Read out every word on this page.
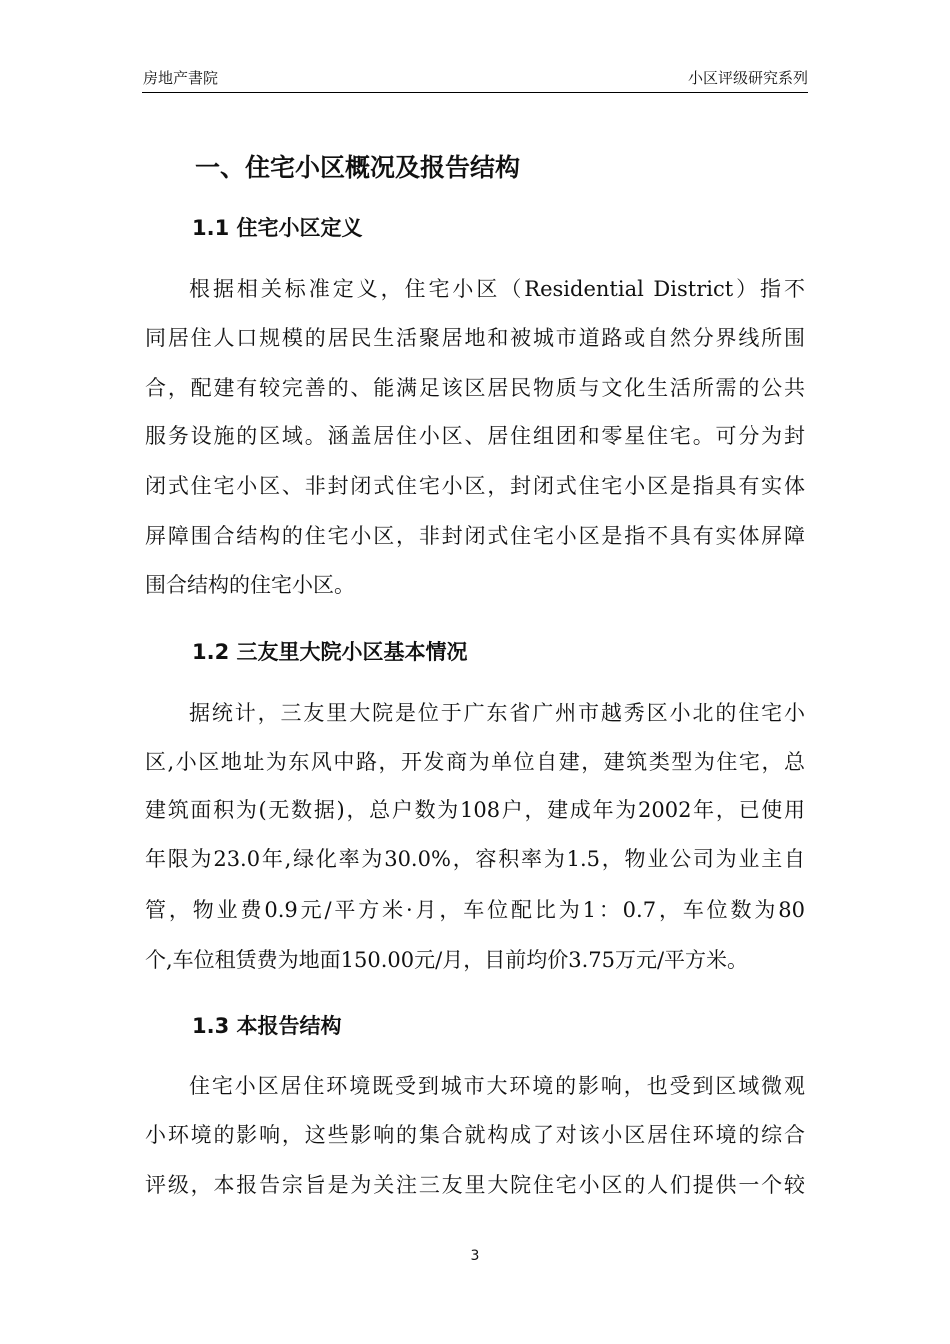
房地产書院	小区评级研究系列
一、住宅小区概况及报告结构
1.1 住宅小区定义
根据相关标准定义，住宅小区（Residential District）指不
同居住人口规模的居民生活聚居地和被城市道路或自然分界线所围
合，配建有较完善的、能满足该区居民物质与文化生活所需的公共
服务设施的区域。涵盖居住小区、居住组团和零星住宅。可分为封
闭式住宅小区、非封闭式住宅小区，封闭式住宅小区是指具有实体
屏障围合结构的住宅小区，非封闭式住宅小区是指不具有实体屏障
围合结构的住宅小区。
1.2 三友里大院小区基本情况
据统计，三友里大院是位于广东省广州市越秀区小北的住宅小
区,小区地址为东风中路，开发商为单位自建，建筑类型为住宅，总
建筑面积为(无数据)，总户数为108户，建成年为2002年，已使用
年限为23.0年,绿化率为30.0%，容积率为1.5，物业公司为业主自
管，物业费0.9元/平方米·月，车位配比为1：0.7，车位数为80
个,车位租赁费为地面150.00元/月，目前均价3.75万元/平方米。
1.3 本报告结构
住宅小区居住环境既受到城市大环境的影响，也受到区域微观
小环境的影响，这些影响的集合就构成了对该小区居住环境的综合
评级，本报告宗旨是为关注三友里大院住宅小区的人们提供一个较
3
